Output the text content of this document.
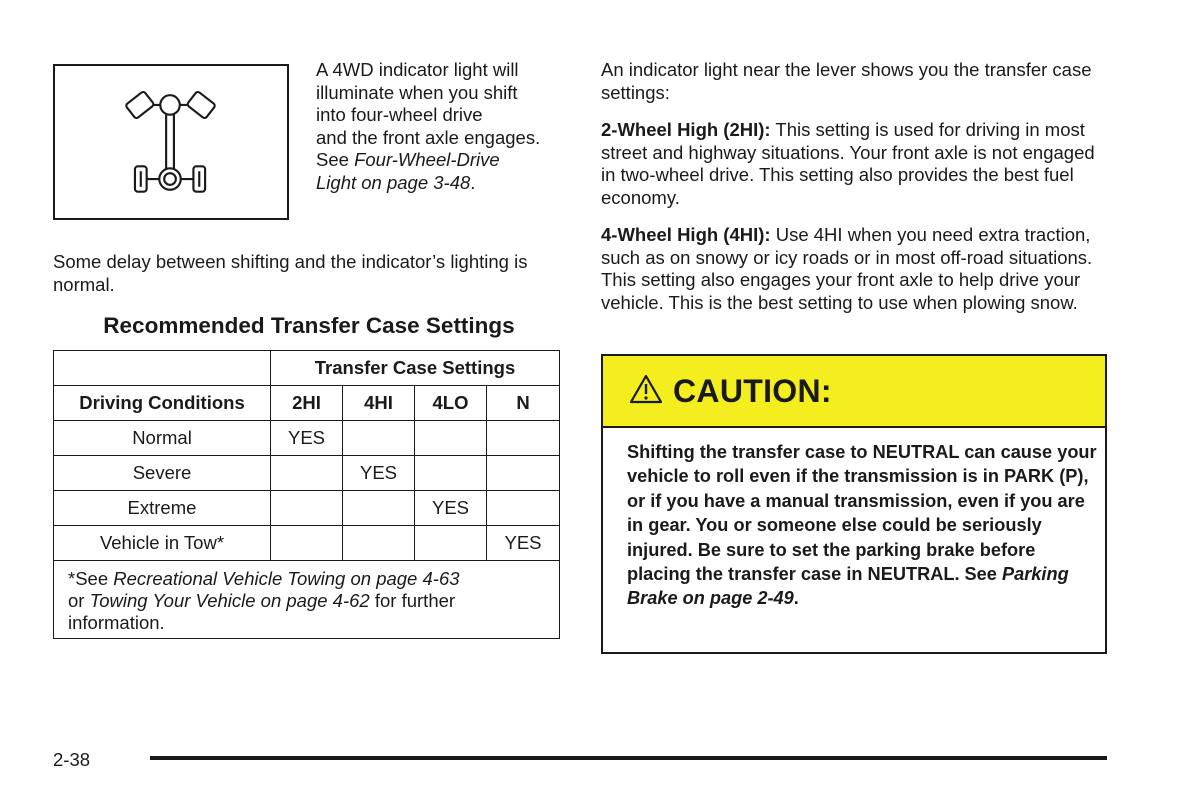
A 4WD indicator light will
illuminate when you shift
into four-wheel drive
and the front axle engages.
See Four-Wheel-Drive
Light on page 3-48.

Some delay between shifting and the indicator’s lighting is normal.

Recommended Transfer Case Settings
	Transfer Case Settings			
Driving Conditions	2HI	4HI	4LO	N
Normal	YES			
Severe		YES		
Extreme			YES	
Vehicle in Tow*				YES
*See Recreational Vehicle Towing on page 4-63
or Towing Your Vehicle on page 4-62 for further information.				

An indicator light near the lever shows you the transfer case settings:

2-Wheel High (2HI): This setting is used for driving in most street and highway situations. Your front axle is not engaged in two-wheel drive. This setting also provides the best fuel economy.

4-Wheel High (4HI): Use 4HI when you need extra traction, such as on snowy or icy roads or in most off-road situations. This setting also engages your front axle to help drive your vehicle. This is the best setting to use when plowing snow.

CAUTION:

Shifting the transfer case to NEUTRAL can cause your vehicle to roll even if the transmission is in PARK (P), or if you have a manual transmission, even if you are in gear. You or someone else could be seriously injured. Be sure to set the parking brake before placing the transfer case in NEUTRAL. See Parking Brake on page 2-49.

2-38
